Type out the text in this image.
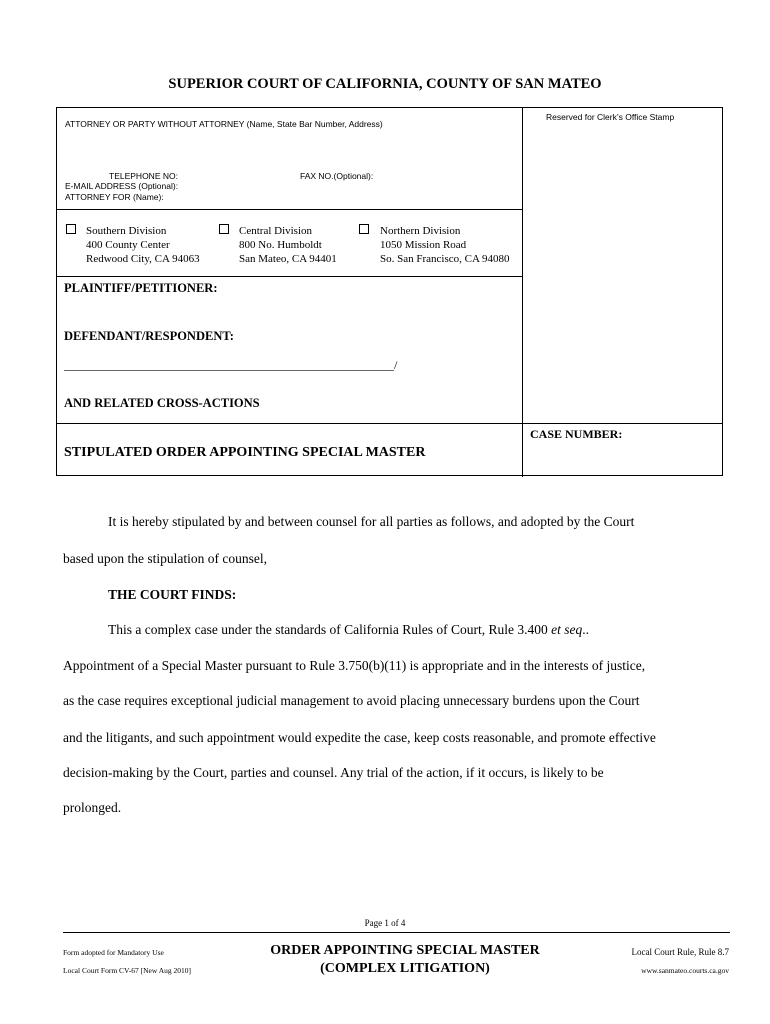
SUPERIOR COURT OF CALIFORNIA, COUNTY OF SAN MATEO
ATTORNEY OR PARTY WITHOUT ATTORNEY (Name, State Bar Number, Address)
TELEPHONE NO:	FAX NO.(Optional):
E-MAIL ADDRESS (Optional):
ATTORNEY FOR (Name):
Reserved for Clerk’s Office Stamp
Southern Division
400 County Center
Redwood City, CA 94063
Central Division
800 No. Humboldt
San Mateo, CA 94401
Northern Division
1050 Mission Road
So. San Francisco, CA 94080
PLAINTIFF/PETITIONER:
DEFENDANT/RESPONDENT:
_______________________________________________________/
AND RELATED CROSS-ACTIONS
CASE NUMBER:
STIPULATED ORDER APPOINTING SPECIAL MASTER
It is hereby stipulated by and between counsel for all parties as follows, and adopted by the Court
based upon the stipulation of counsel,
THE COURT FINDS:
This a complex case under the standards of California Rules of Court, Rule 3.400 et seq..
Appointment of a Special Master pursuant to Rule 3.750(b)(11) is appropriate and in the interests of justice,
as the case requires exceptional judicial management to avoid placing unnecessary burdens upon the Court
and the litigants, and such appointment would expedite the case, keep costs reasonable, and promote effective
decision-making by the Court, parties and counsel. Any trial of the action, if it occurs, is likely to be
prolonged.
Page 1 of 4
Form adopted for Mandatory Use
Local Court Form CV-67 [New Aug 2010]
ORDER APPOINTING SPECIAL MASTER
(COMPLEX LITIGATION)
Local Court Rule, Rule 8.7
www.sanmateo.courts.ca.gov
